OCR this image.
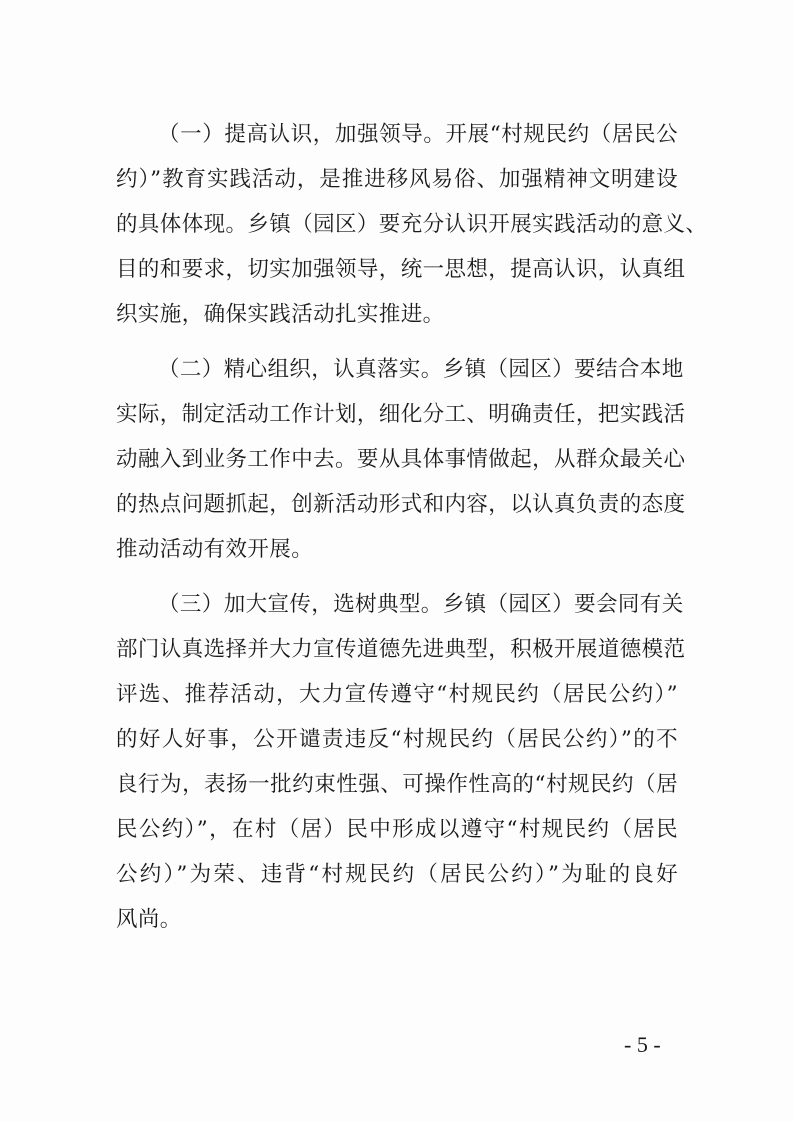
（一）提高认识，加强领导。开展“村规民约（居民公
约）”教育实践活动，是推进移风易俗、加强精神文明建设
的具体体现。乡镇（园区）要充分认识开展实践活动的意义、
目的和要求，切实加强领导，统一思想，提高认识，认真组
织实施，确保实践活动扎实推进。
（二）精心组织，认真落实。乡镇（园区）要结合本地
实际，制定活动工作计划，细化分工、明确责任，把实践活
动融入到业务工作中去。要从具体事情做起，从群众最关心
的热点问题抓起，创新活动形式和内容，以认真负责的态度
推动活动有效开展。
（三）加大宣传，选树典型。乡镇（园区）要会同有关
部门认真选择并大力宣传道德先进典型，积极开展道德模范
评选、推荐活动，大力宣传遵守“村规民约（居民公约）”
的好人好事，公开谴责违反“村规民约（居民公约）”的不
良行为，表扬一批约束性强、可操作性高的“村规民约（居
民公约）”，在村（居）民中形成以遵守“村规民约（居民
公约）”为荣、违背“村规民约（居民公约）”为耻的良好
风尚。
- 5 -
